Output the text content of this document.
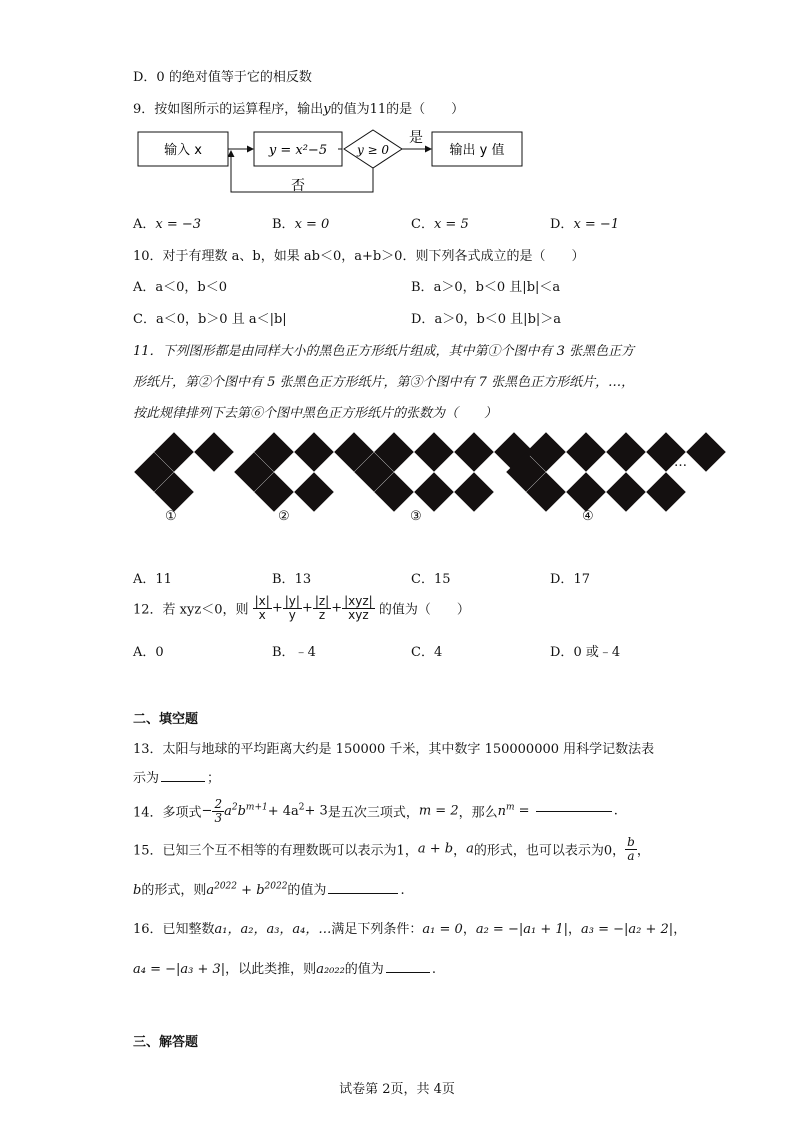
D．0 的绝对值等于它的相反数
9．按如图所示的运算程序，输出y的值为11的是（　　）
输入 x	y = x²−5 y ≥ 0
是
否
输出 y 值
A．x = −3	B．x = 0	C．x = 5	D．x = −1
10．对于有理数 a、b，如果 ab＜0，a+b＞0．则下列各式成立的是（　　）
A．a＜0，b＜0	B．a＞0，b＜0 且|b|＜a
C．a＜0，b＞0 且 a＜|b|	D．a＞0，b＜0 且|b|＞a
11．下列图形都是由同样大小的黑色正方形纸片组成，其中第①个图中有 3 张黑色正方
形纸片，第②个图中有 5 张黑色正方形纸片，第③个图中有 7 张黑色正方形纸片，…，
按此规律排列下去第⑥个图中黑色正方形纸片的张数为（　　）
①	②	③	④
…
A．11	B．13	C．15	D．17
12．若 xyz＜0，则 $\frac{|x|}{x} + \frac{|y|}{y} + \frac{|z|}{z} + \frac{\text{|xyz|}}{\text{xyz}}$ 的值为（　　）
A．0	B．﹣4	C．4	D．0 或﹣4
二、填空题
13．太阳与地球的平均距离大约是 150000 千米，其中数字 150000000 用科学记数法表
示为	；
14．多项式− $\frac{2}{3} a^2b^{m+1}+ 4a^2+ 3$是五次三项式，m = 2，那么$n^m$ =	.
15．已知三个互不相等的有理数既可以表示为1，a + b，a的形式，也可以表示为0， $\frac{b}{a}$ ，
b的形式，则$a^{2022} + b^{2022}$的值为	.
16．已知整数a₁，a₂，a₃，a₄，…满足下列条件：a₁ = 0，a₂ = −|a₁ + 1|，a₃ = −|a₂ + 2|，
a₄ = −|a₃ + 3|，以此类推，则a₂₀₂₂的值为	.
三、解答题
试卷第 2页，共 4页
